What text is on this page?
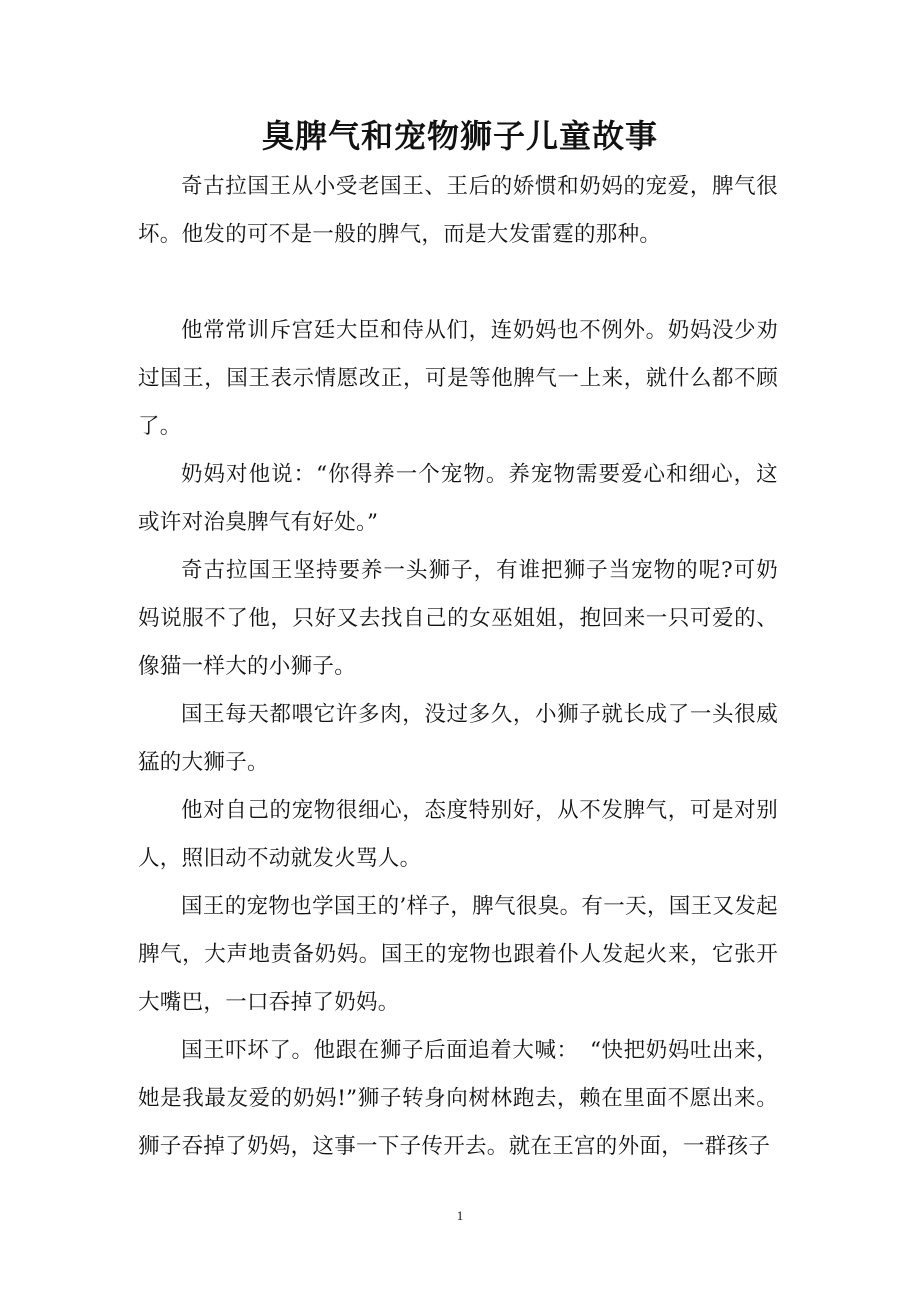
臭脾气和宠物狮子儿童故事

奇古拉国王从小受老国王、王后的娇惯和奶妈的宠爱，脾气很坏。他发的可不是一般的脾气，而是大发雷霆的那种。

他常常训斥宫廷大臣和侍从们，连奶妈也不例外。奶妈没少劝过国王，国王表示情愿改正，可是等他脾气一上来，就什么都不顾了。

奶妈对他说：“你得养一个宠物。养宠物需要爱心和细心，这或许对治臭脾气有好处。”

奇古拉国王坚持要养一头狮子，有谁把狮子当宠物的呢?可奶妈说服不了他，只好又去找自己的女巫姐姐，抱回来一只可爱的、像猫一样大的小狮子。

国王每天都喂它许多肉，没过多久，小狮子就长成了一头很威猛的大狮子。

他对自己的宠物很细心，态度特别好，从不发脾气，可是对别人，照旧动不动就发火骂人。

国王的宠物也学国王的’样子，脾气很臭。有一天，国王又发起脾气，大声地责备奶妈。国王的宠物也跟着仆人发起火来，它张开大嘴巴，一口吞掉了奶妈。

国王吓坏了。他跟在狮子后面追着大喊：　“快把奶妈吐出来，她是我最友爱的奶妈!”狮子转身向树林跑去，赖在里面不愿出来。狮子吞掉了奶妈，这事一下子传开去。就在王宫的外面，一群孩子

1
